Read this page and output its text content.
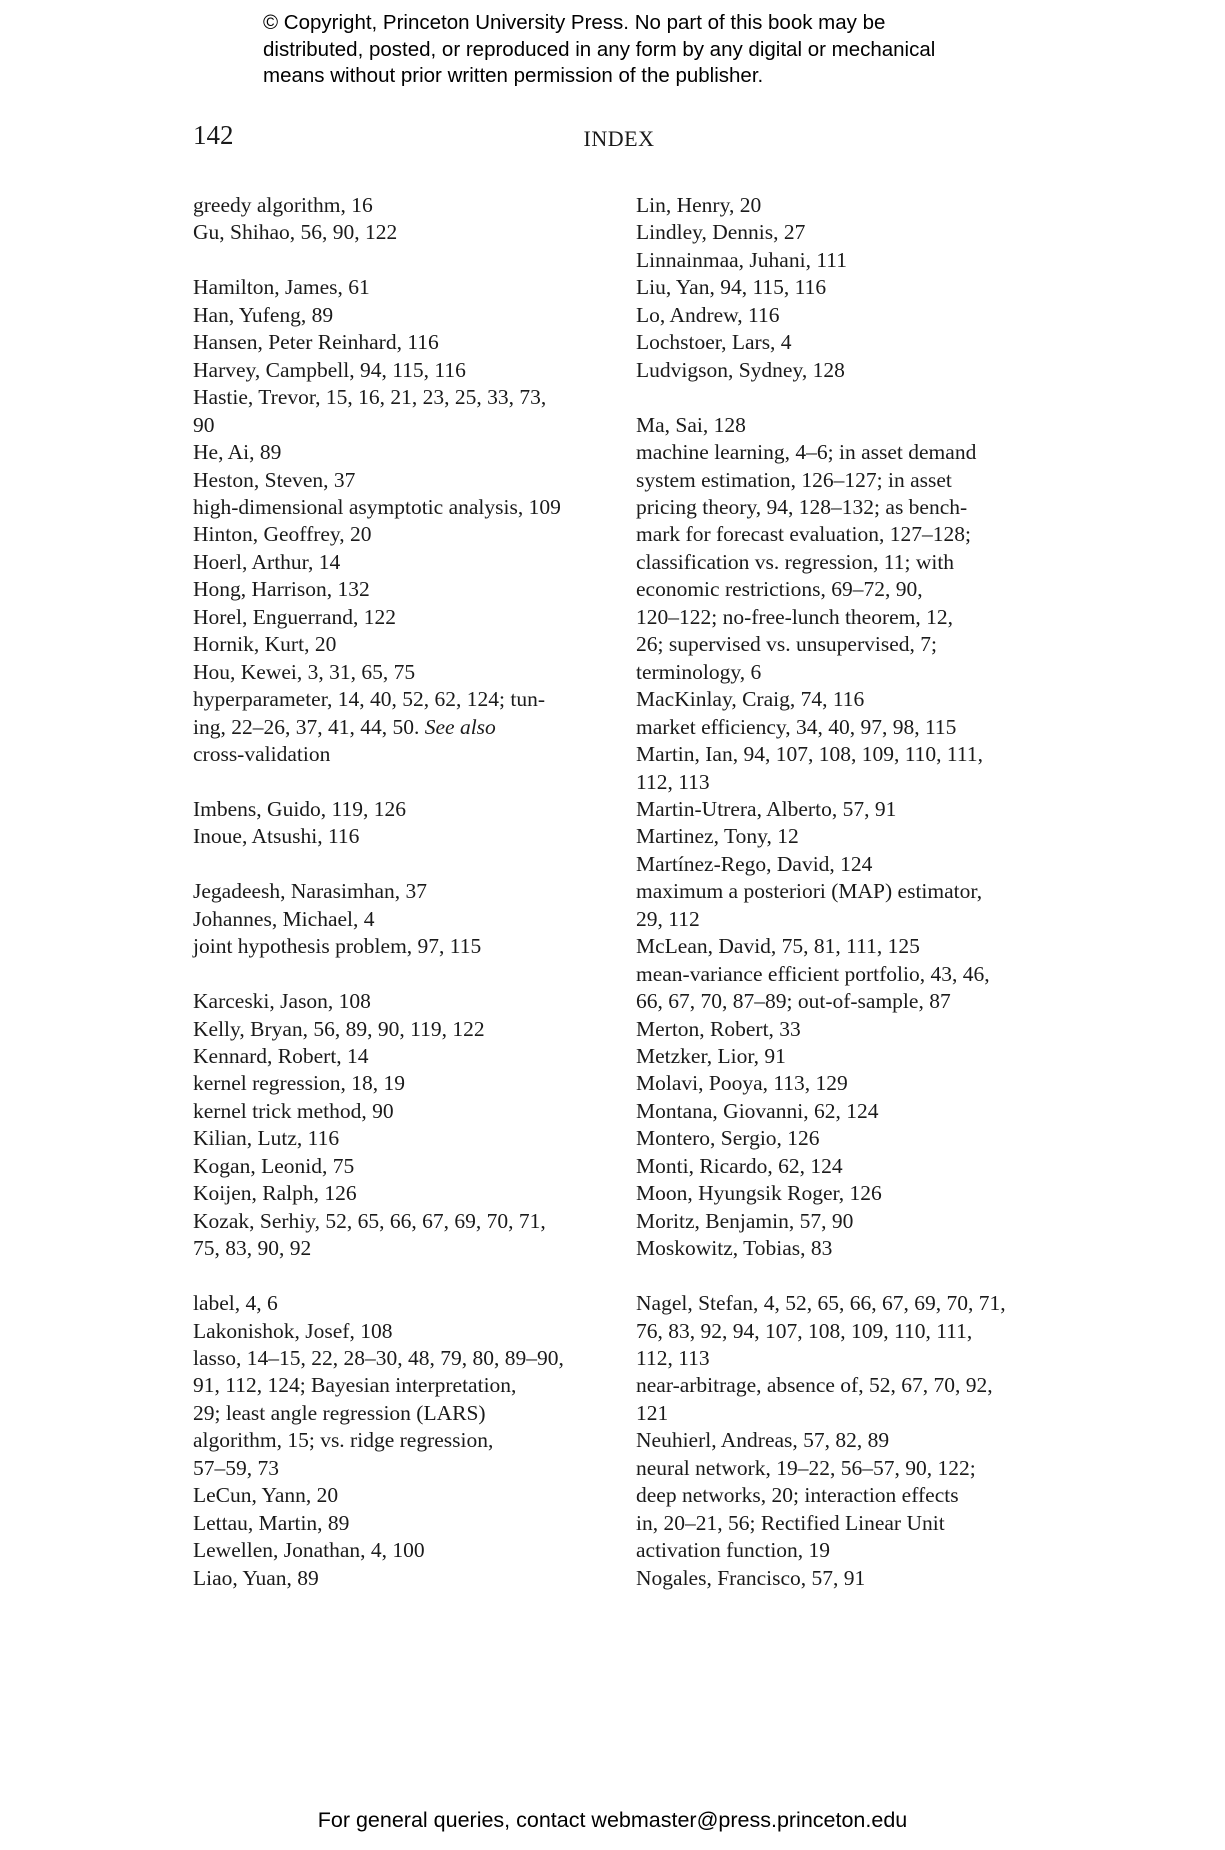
© Copyright, Princeton University Press. No part of this book may be
distributed, posted, or reproduced in any form by any digital or mechanical
means without prior written permission of the publisher.
142	INDEX
greedy algorithm, 16
Gu, Shihao, 56, 90, 122
Hamilton, James, 61
Han, Yufeng, 89
Hansen, Peter Reinhard, 116
Harvey, Campbell, 94, 115, 116
Hastie, Trevor, 15, 16, 21, 23, 25, 33, 73,
90
He, Ai, 89
Heston, Steven, 37
high-dimensional asymptotic analysis, 109
Hinton, Geoffrey, 20
Hoerl, Arthur, 14
Hong, Harrison, 132
Horel, Enguerrand, 122
Hornik, Kurt, 20
Hou, Kewei, 3, 31, 65, 75
hyperparameter, 14, 40, 52, 62, 124; tun-
ing, 22–26, 37, 41, 44, 50. See also
cross-validation
Imbens, Guido, 119, 126
Inoue, Atsushi, 116
Jegadeesh, Narasimhan, 37
Johannes, Michael, 4
joint hypothesis problem, 97, 115
Karceski, Jason, 108
Kelly, Bryan, 56, 89, 90, 119, 122
Kennard, Robert, 14
kernel regression, 18, 19
kernel trick method, 90
Kilian, Lutz, 116
Kogan, Leonid, 75
Koijen, Ralph, 126
Kozak, Serhiy, 52, 65, 66, 67, 69, 70, 71,
75, 83, 90, 92
label, 4, 6
Lakonishok, Josef, 108
lasso, 14–15, 22, 28–30, 48, 79, 80, 89–90,
91, 112, 124; Bayesian interpretation,
29; least angle regression (LARS)
algorithm, 15; vs. ridge regression,
57–59, 73
LeCun, Yann, 20
Lettau, Martin, 89
Lewellen, Jonathan, 4, 100
Liao, Yuan, 89
Lin, Henry, 20
Lindley, Dennis, 27
Linnainmaa, Juhani, 111
Liu, Yan, 94, 115, 116
Lo, Andrew, 116
Lochstoer, Lars, 4
Ludvigson, Sydney, 128
Ma, Sai, 128
machine learning, 4–6; in asset demand
system estimation, 126–127; in asset
pricing theory, 94, 128–132; as bench-
mark for forecast evaluation, 127–128;
classification vs. regression, 11; with
economic restrictions, 69–72, 90,
120–122; no-free-lunch theorem, 12,
26; supervised vs. unsupervised, 7;
terminology, 6
MacKinlay, Craig, 74, 116
market efficiency, 34, 40, 97, 98, 115
Martin, Ian, 94, 107, 108, 109, 110, 111,
112, 113
Martin-Utrera, Alberto, 57, 91
Martinez, Tony, 12
Martínez-Rego, David, 124
maximum a posteriori (MAP) estimator,
29, 112
McLean, David, 75, 81, 111, 125
mean-variance efficient portfolio, 43, 46,
66, 67, 70, 87–89; out-of-sample, 87
Merton, Robert, 33
Metzker, Lior, 91
Molavi, Pooya, 113, 129
Montana, Giovanni, 62, 124
Montero, Sergio, 126
Monti, Ricardo, 62, 124
Moon, Hyungsik Roger, 126
Moritz, Benjamin, 57, 90
Moskowitz, Tobias, 83
Nagel, Stefan, 4, 52, 65, 66, 67, 69, 70, 71,
76, 83, 92, 94, 107, 108, 109, 110, 111,
112, 113
near-arbitrage, absence of, 52, 67, 70, 92,
121
Neuhierl, Andreas, 57, 82, 89
neural network, 19–22, 56–57, 90, 122;
deep networks, 20; interaction effects
in, 20–21, 56; Rectified Linear Unit
activation function, 19
Nogales, Francisco, 57, 91
For general queries, contact webmaster@press.princeton.edu
